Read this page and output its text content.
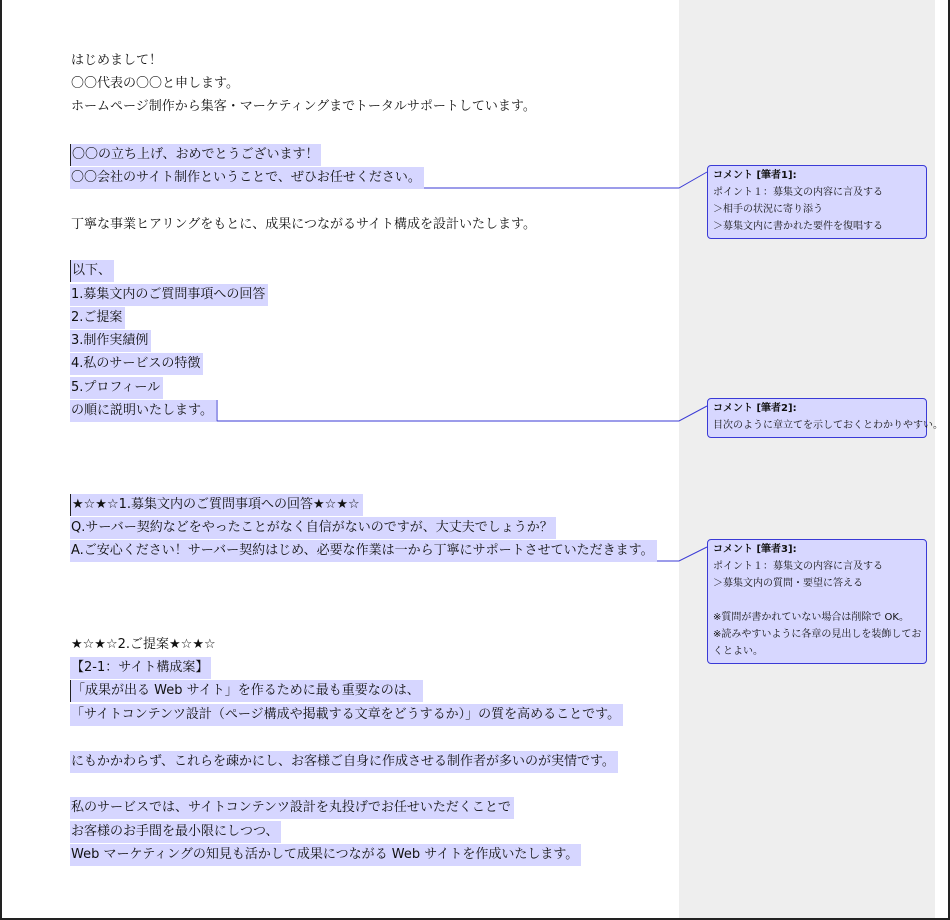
はじめまして！
〇〇代表の〇〇と申します。
ホームページ制作から集客・マーケティングまでトータルサポートしています。
〇〇の立ち上げ、おめでとうございます！
〇〇会社のサイト制作ということで、ぜひお任せください。
丁寧な事業ヒアリングをもとに、成果につながるサイト構成を設計いたします。
以下、
1.募集文内のご質問事項への回答
2.ご提案
3.制作実績例
4.私のサービスの特徴
5.プロフィール
の順に説明いたします。
★☆★☆1.募集文内のご質問事項への回答★☆★☆
Q.サーバー契約などをやったことがなく自信がないのですが、大丈夫でしょうか？
A.ご安心ください！サーバー契約はじめ、必要な作業は一から丁寧にサポートさせていただきます。
★☆★☆2.ご提案★☆★☆
【2-1：サイト構成案】
「成果が出る Web サイト」を作るために最も重要なのは、
「サイトコンテンツ設計（ページ構成や掲載する文章をどうするか）」の質を高めることです。
にもかかわらず、これらを疎かにし、お客様ご自身に作成させる制作者が多いのが実情です。
私のサービスでは、サイトコンテンツ設計を丸投げでお任せいただくことで
お客様のお手間を最小限にしつつ、
Web マーケティングの知見も活かして成果につながる Web サイトを作成いたします。
コメント [筆者1]:
ポイント１：募集文の内容に言及する
＞相手の状況に寄り添う
＞募集文内に書かれた要件を復唱する
コメント [筆者2]:
目次のように章立てを示しておくとわかりやすい。
コメント [筆者3]:
ポイント１：募集文の内容に言及する
＞募集文内の質問・要望に答える
※質問が書かれていない場合は削除で OK。
※読みやすいように各章の見出しを装飾してお
くとよい。
